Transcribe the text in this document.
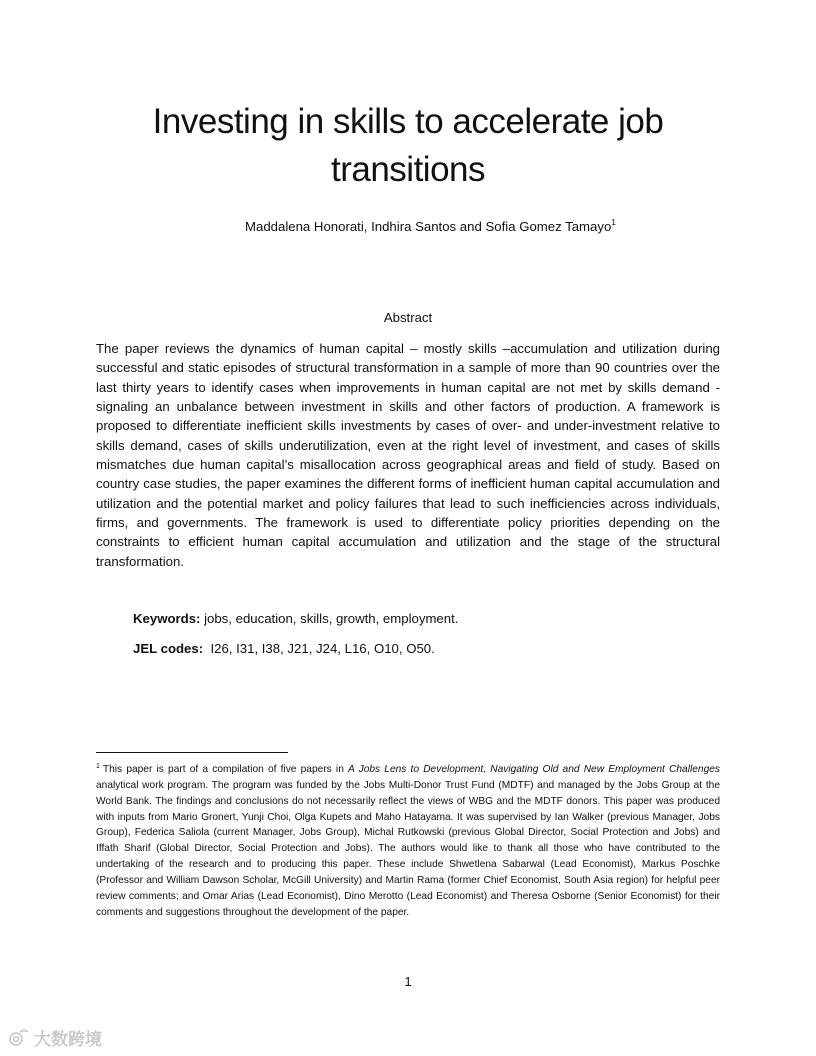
Investing in skills to accelerate job transitions
Maddalena Honorati, Indhira Santos and Sofia Gomez Tamayo$^1$
Abstract

The paper reviews the dynamics of human capital – mostly skills –accumulation and utilization during successful and static episodes of structural transformation in a sample of more than 90 countries over the last thirty years to identify cases when improvements in human capital are not met by skills demand - signaling an unbalance between investment in skills and other factors of production. A framework is proposed to differentiate inefficient skills investments by cases of over- and under-investment relative to skills demand, cases of skills underutilization, even at the right level of investment, and cases of skills mismatches due human capital’s misallocation across geographical areas and field of study. Based on country case studies, the paper examines the different forms of inefficient human capital accumulation and utilization and the potential market and policy failures that lead to such inefficiencies across individuals, firms, and governments. The framework is used to differentiate policy priorities depending on the constraints to efficient human capital accumulation and utilization and the stage of the structural transformation.

Keywords: jobs, education, skills, growth, employment.
JEL codes:  I26, I31, I38, J21, J24, L16, O10, O50.

$^1$ This paper is part of a compilation of five papers in A Jobs Lens to Development, Navigating Old and New Employment Challenges analytical work program. The program was funded by the Jobs Multi-Donor Trust Fund (MDTF) and managed by the Jobs Group at the World Bank. The findings and conclusions do not necessarily reflect the views of WBG and the MDTF donors. This paper was produced with inputs from Mario Gronert, Yunji Choi, Olga Kupets and Maho Hatayama. It was supervised by Ian Walker (previous Manager, Jobs Group), Federica Saliola (current Manager, Jobs Group), Michal Rutkowski (previous Global Director, Social Protection and Jobs) and Iffath Sharif (Global Director, Social Protection and Jobs). The authors would like to thank all those who have contributed to the undertaking of the research and to producing this paper. These include Shwetlena Sabarwal (Lead Economist), Markus Poschke (Professor and William Dawson Scholar, McGill University) and Martin Rama (former Chief Economist, South Asia region) for helpful peer review comments; and Omar Arias (Lead Economist), Dino Merotto (Lead Economist) and Theresa Osborne (Senior Economist) for their comments and suggestions throughout the development of the paper.

1
大数跨境
